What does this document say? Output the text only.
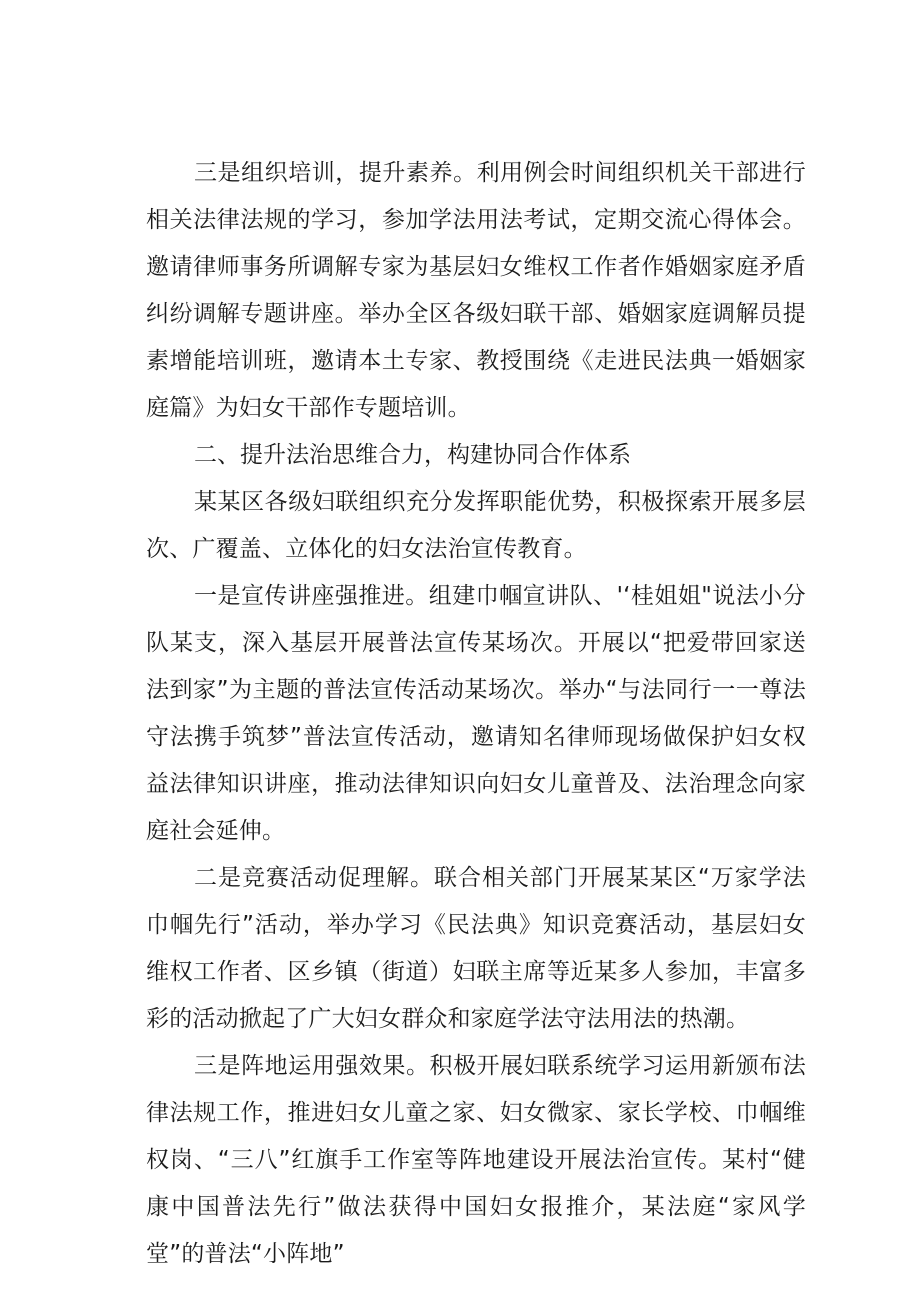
三是组织培训，提升素养。利用例会时间组织机关干部进行相关法律法规的学习，参加学法用法考试，定期交流心得体会。邀请律师事务所调解专家为基层妇女维权工作者作婚姻家庭矛盾纠纷调解专题讲座。举办全区各级妇联干部、婚姻家庭调解员提素增能培训班，邀请本土专家、教授围绕《走进民法典一婚姻家庭篇》为妇女干部作专题培训。

二、提升法治思维合力，构建协同合作体系

某某区各级妇联组织充分发挥职能优势，积极探索开展多层次、广覆盖、立体化的妇女法治宣传教育。

一是宣传讲座强推进。组建巾帼宣讲队、'‘桂姐姐"说法小分队某支，深入基层开展普法宣传某场次。开展以“把爱带回家送法到家”为主题的普法宣传活动某场次。举办“与法同行一一尊法守法携手筑梦”普法宣传活动，邀请知名律师现场做保护妇女权益法律知识讲座，推动法律知识向妇女儿童普及、法治理念向家庭社会延伸。

二是竞赛活动促理解。联合相关部门开展某某区“万家学法巾帼先行”活动，举办学习《民法典》知识竞赛活动，基层妇女维权工作者、区乡镇（街道）妇联主席等近某多人参加，丰富多彩的活动掀起了广大妇女群众和家庭学法守法用法的热潮。

三是阵地运用强效果。积极开展妇联系统学习运用新颁布法律法规工作，推进妇女儿童之家、妇女微家、家长学校、巾帼维权岗、“三八”红旗手工作室等阵地建设开展法治宣传。某村“健康中国普法先行”做法获得中国妇女报推介，某法庭“家风学堂”的普法“小阵地”
